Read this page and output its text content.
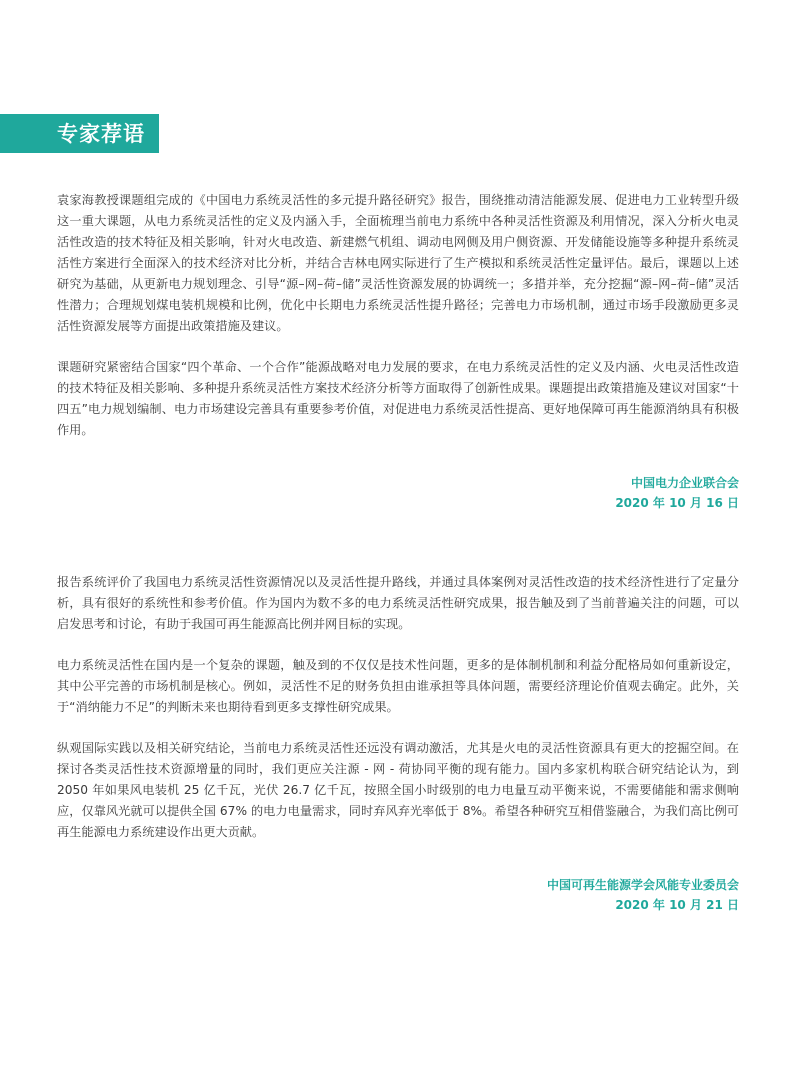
专家荐语

袁家海教授课题组完成的《中国电力系统灵活性的多元提升路径研究》报告，围绕推动清洁能源发展、促进电力工业转型升级这一重大课题，从电力系统灵活性的定义及内涵入手，全面梳理当前电力系统中各种灵活性资源及利用情况，深入分析火电灵活性改造的技术特征及相关影响，针对火电改造、新建燃气机组、调动电网侧及用户侧资源、开发储能设施等多种提升系统灵活性方案进行全面深入的技术经济对比分析，并结合吉林电网实际进行了生产模拟和系统灵活性定量评估。最后，课题以上述研究为基础，从更新电力规划理念、引导“源–网–荷–储”灵活性资源发展的协调统一；多措并举，充分挖掘“源–网–荷–储”灵活性潜力；合理规划煤电装机规模和比例，优化中长期电力系统灵活性提升路径；完善电力市场机制，通过市场手段激励更多灵活性资源发展等方面提出政策措施及建议。

课题研究紧密结合国家“四个革命、一个合作”能源战略对电力发展的要求，在电力系统灵活性的定义及内涵、火电灵活性改造的技术特征及相关影响、多种提升系统灵活性方案技术经济分析等方面取得了创新性成果。课题提出政策措施及建议对国家“十四五”电力规划编制、电力市场建设完善具有重要参考价值，对促进电力系统灵活性提高、更好地保障可再生能源消纳具有积极作用。

中国电力企业联合会
2020 年 10 月 16 日

报告系统评价了我国电力系统灵活性资源情况以及灵活性提升路线，并通过具体案例对灵活性改造的技术经济性进行了定量分析，具有很好的系统性和参考价值。作为国内为数不多的电力系统灵活性研究成果，报告触及到了当前普遍关注的问题，可以启发思考和讨论，有助于我国可再生能源高比例并网目标的实现。

电力系统灵活性在国内是一个复杂的课题，触及到的不仅仅是技术性问题，更多的是体制机制和利益分配格局如何重新设定，其中公平完善的市场机制是核心。例如，灵活性不足的财务负担由谁承担等具体问题，需要经济理论价值观去确定。此外，关于“消纳能力不足”的判断未来也期待看到更多支撑性研究成果。

纵观国际实践以及相关研究结论，当前电力系统灵活性还远没有调动激活，尤其是火电的灵活性资源具有更大的挖掘空间。在探讨各类灵活性技术资源增量的同时，我们更应关注源 - 网 - 荷协同平衡的现有能力。国内多家机构联合研究结论认为，到 2050 年如果风电装机 25 亿千瓦，光伏 26.7 亿千瓦，按照全国小时级别的电力电量互动平衡来说，不需要储能和需求侧响应，仅靠风光就可以提供全国 67% 的电力电量需求，同时弃风弃光率低于 8%。希望各种研究互相借鉴融合，为我们高比例可再生能源电力系统建设作出更大贡献。

中国可再生能源学会风能专业委员会
2020 年 10 月 21 日
